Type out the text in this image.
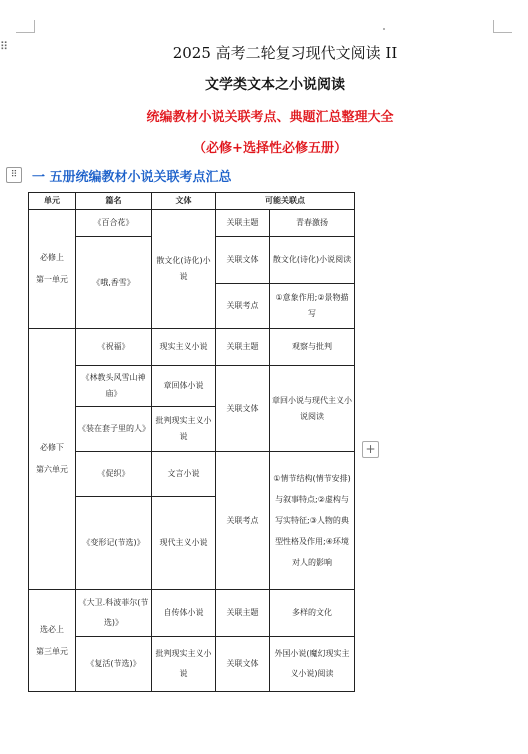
⠿	2025 高考二轮复习现代文阅读 II
文学类文本之小说阅读
统编教材小说关联考点、典题汇总整理大全
（必修+选择性必修五册）
⠿	一 五册统编教材小说关联考点汇总
单元	篇名	文体	可能关联点	
必修上
第一单元	《百合花》	散文化(诗化)小说	关联主题	青春激扬
	《哦,香雪》		关联文体	散文化(诗化)小说阅读
			关联考点	①意象作用;②景物描写
必修下
第六单元	《祝福》	现实主义小说	关联主题	观察与批判
	《林教头风雪山神庙》	章回体小说	关联文体	章回小说与现代主义小说阅读
	《装在套子里的人》	批判现实主义小说		
	《促织》	文言小说	关联考点	①情节结构(情节安排)与叙事特点;②虚构与写实特征;③人物的典型性格及作用;④环境对人的影响
	《变形记(节选)》	现代主义小说		
选必上
第三单元	《大卫.科波菲尔(节选)》	自传体小说	关联主题	多样的文化
	《复活(节选)》	批判现实主义小说	关联文体	外国小说(魔幻现实主义小说)阅读
+
